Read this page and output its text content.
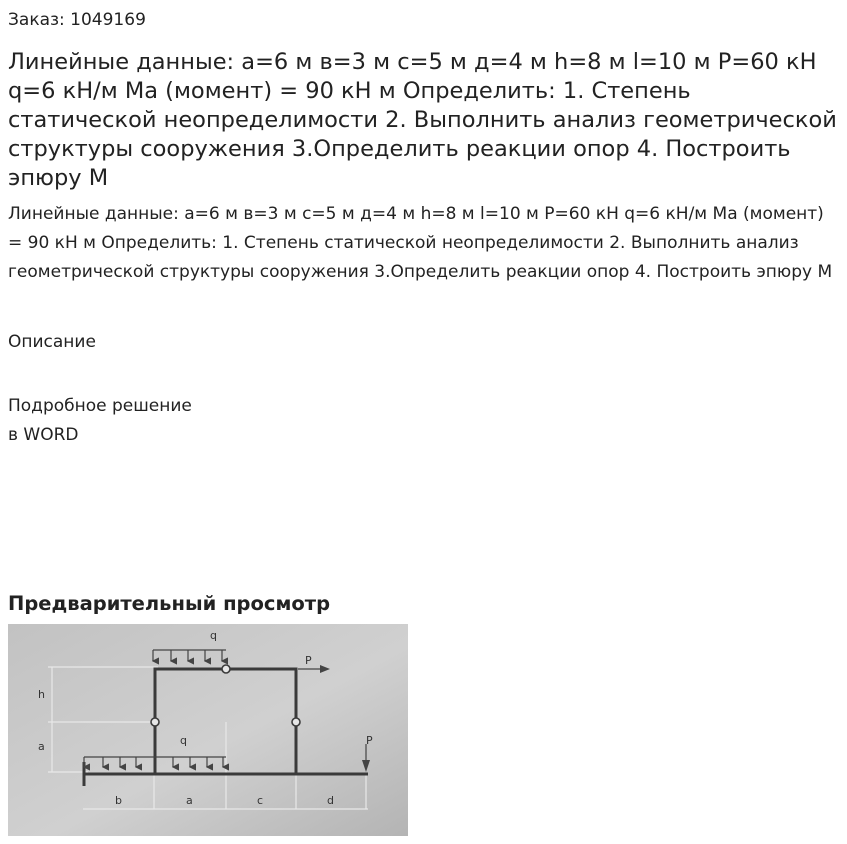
Заказ: 1049169

Линейные данные: а=6 м в=3 м с=5 м д=4 м h=8 м l=10 м Р=60 кН q=6 кН/м Ма (момент) = 90 кН м Определить: 1. Степень статической неопределимости 2. Выполнить анализ геометрической структуры сооружения 3.Определить реакции опор 4. Построить эпюру М

Линейные данные: а=6 м в=3 м с=5 м д=4 м h=8 м l=10 м Р=60 кН q=6 кН/м Ма (момент) = 90 кН м Определить: 1. Степень статической неопределимости 2. Выполнить анализ геометрической структуры сооружения 3.Определить реакции опор 4. Построить эпюру М

Описание

Подробное решение
в WORD

Предварительный просмотр
q
q
P
P
h
a
b	a	c	d
